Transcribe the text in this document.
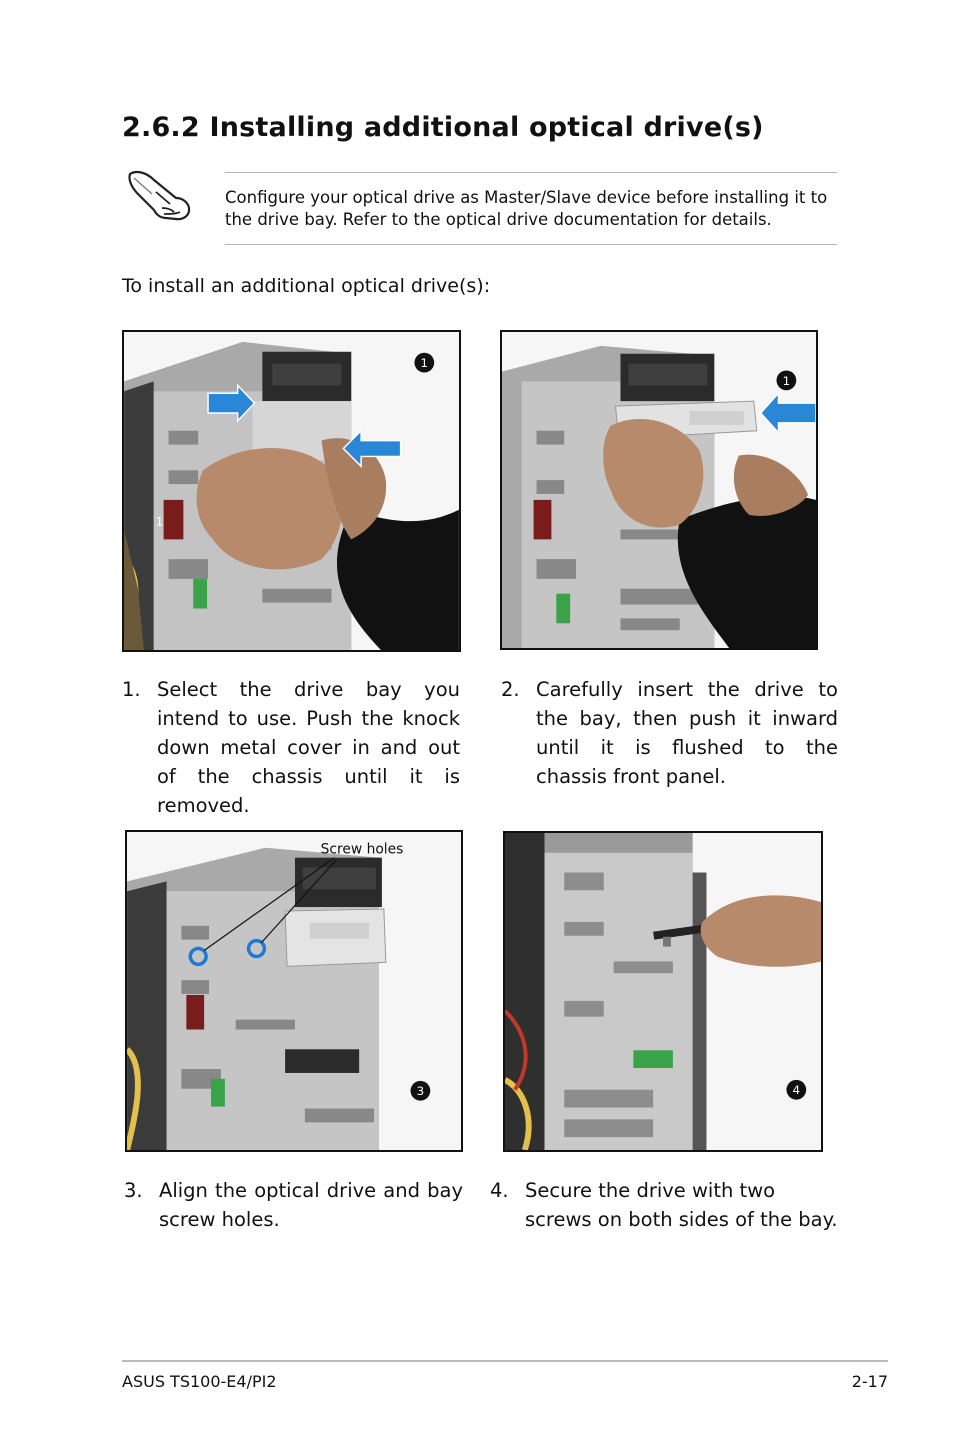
2.6.2 Installing additional optical drive(s)
Configure your optical drive as Master/Slave device before installing it to the drive bay. Refer to the optical drive documentation for details.
To install an additional optical drive(s):
1
1
1
Screw holes
3	4
1. Select the drive bay you intend to use. Push the knock down metal cover in and out of the chassis until it is removed.
2. Carefully insert the drive to the bay, then push it inward until it is flushed to the chassis front panel.
3. Align the optical drive and bay screw holes.
4. Secure the drive with two screws on both sides of the bay.
ASUS TS100-E4/PI2	2-17
